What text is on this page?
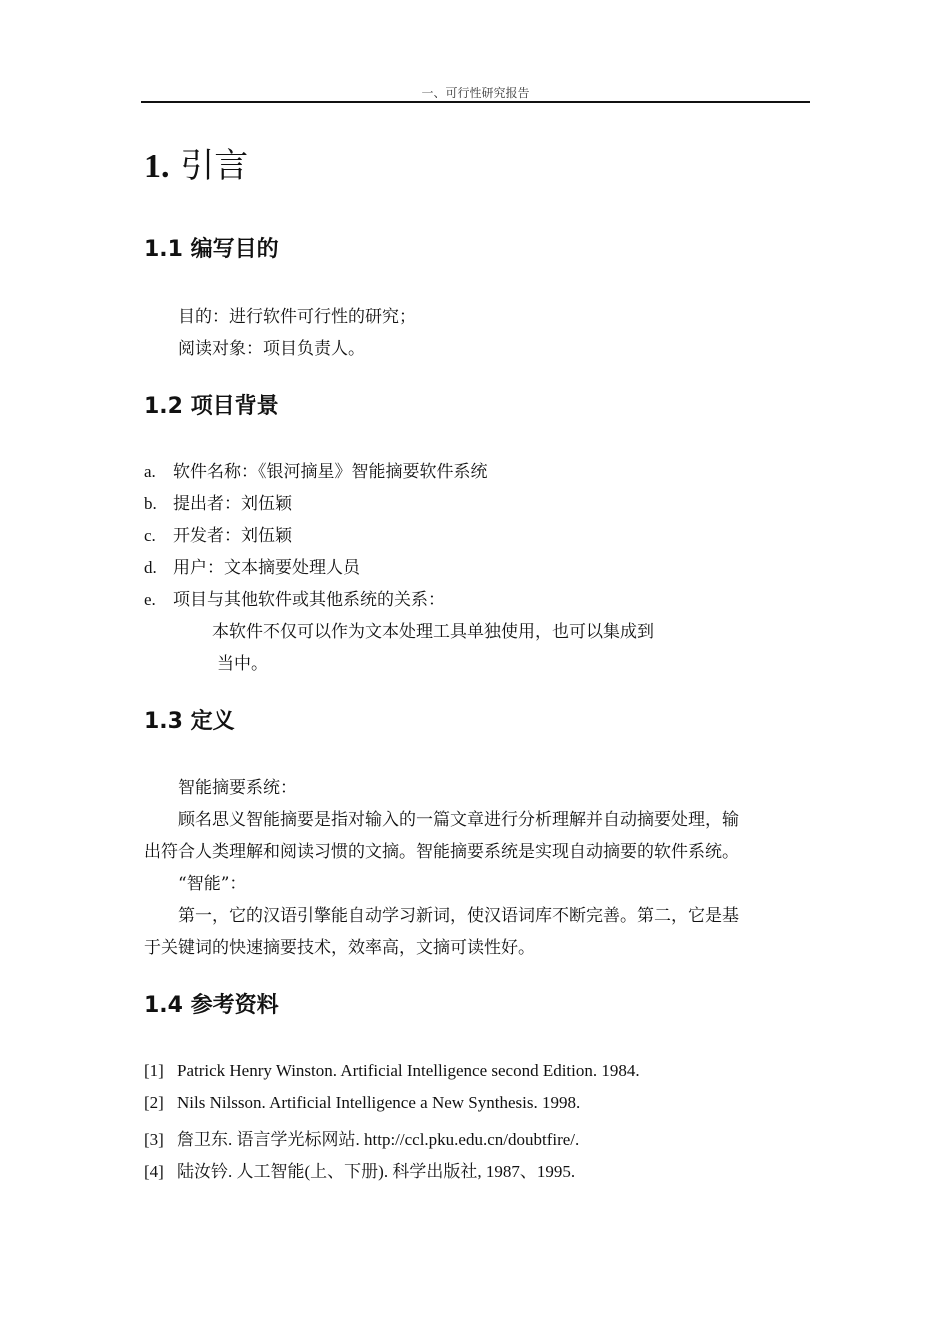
一、可行性研究报告
1. 引言
1.1 编写目的
目的：进行软件可行性的研究；
阅读对象：项目负责人。
1.2 项目背景
a. 软件名称：《银河摘星》智能摘要软件系统
b. 提出者：刘伍颖
c. 开发者：刘伍颖
d. 用户：文本摘要处理人员
e. 项目与其他软件或其他系统的关系：
本软件不仅可以作为文本处理工具单独使用，也可以集成到
当中。
1.3 定义
智能摘要系统：
顾名思义智能摘要是指对输入的一篇文章进行分析理解并自动摘要处理，输
出符合人类理解和阅读习惯的文摘。智能摘要系统是实现自动摘要的软件系统。
“智能”：
第一，它的汉语引擎能自动学习新词，使汉语词库不断完善。第二，它是基
于关键词的快速摘要技术，效率高，文摘可读性好。
1.4 参考资料
[1] Patrick Henry Winston. Artificial Intelligence second Edition. 1984.
[2] Nils Nilsson. Artificial Intelligence a New Synthesis. 1998.
[3] 詹卫东. 语言学光标网站. http://ccl.pku.edu.cn/doubtfire/.
[4] 陆汝钤. 人工智能(上、下册). 科学出版社, 1987、1995.
